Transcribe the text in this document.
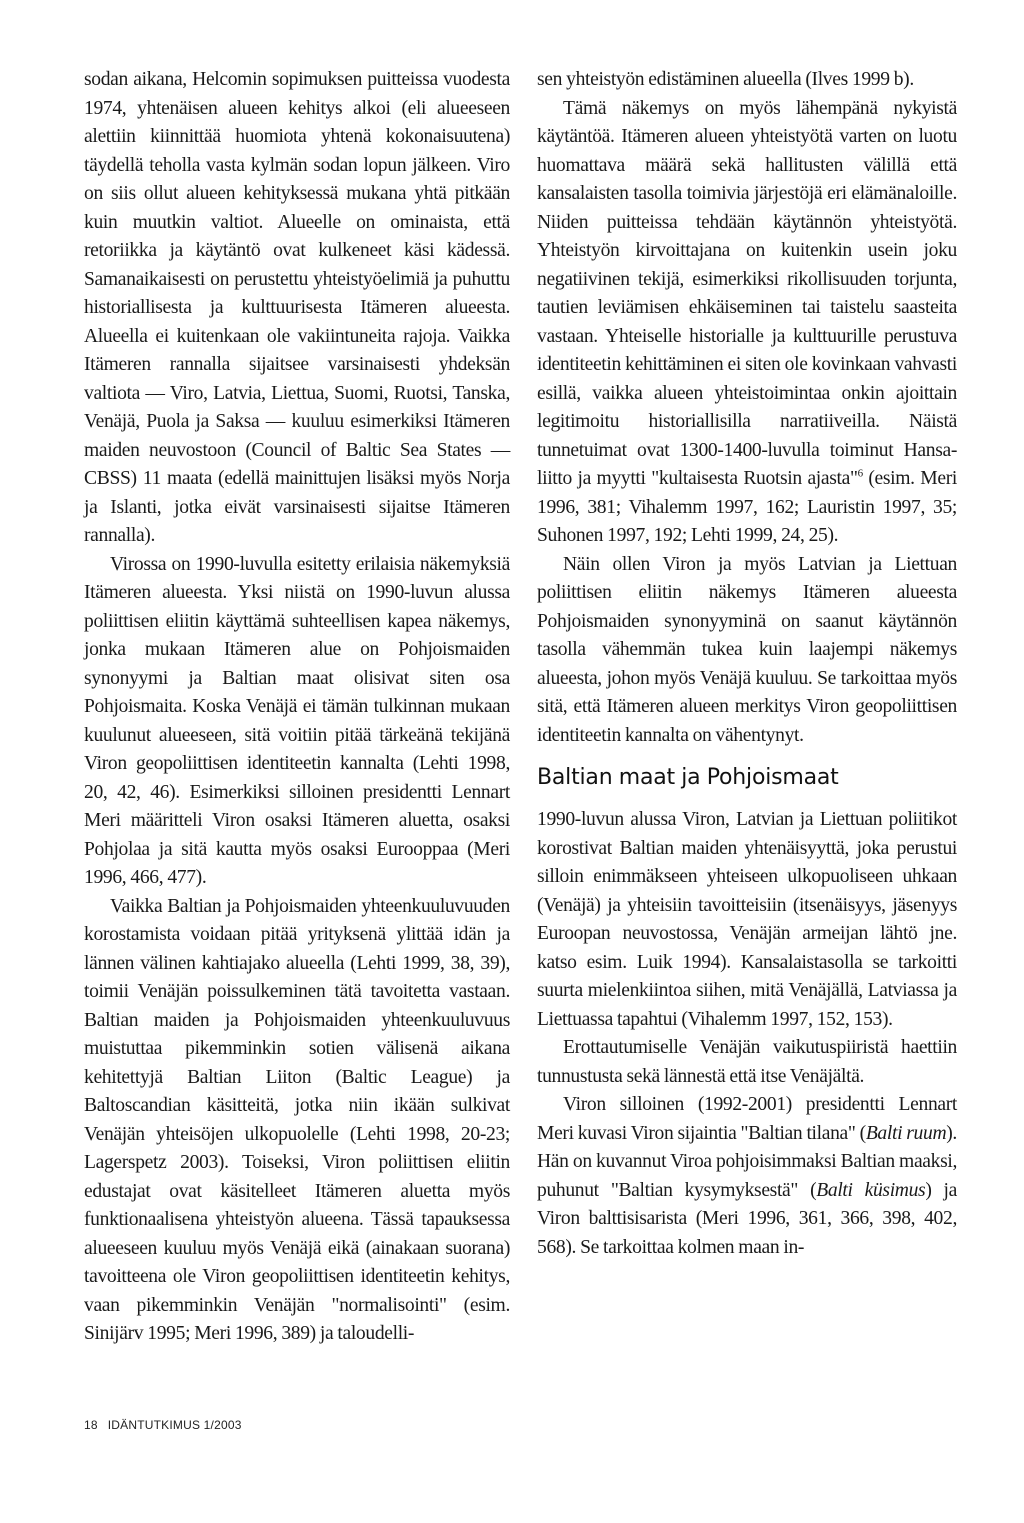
sodan aikana, Helcomin sopimuksen puitteissa vuodesta 1974, yhtenäisen alueen kehitys alkoi (eli alueeseen alettiin kiinnittää huomiota yhtenä kokonaisuutena) täydellä teholla vasta kylmän sodan lopun jälkeen. Viro on siis ollut alueen kehityksessä mukana yhtä pitkään kuin muutkin valtiot. Alueelle on ominaista, että retoriikka ja käytäntö ovat kulkeneet käsi kädessä. Samanaikaisesti on perustettu yhteistyöelimiä ja puhuttu historiallisesta ja kulttuurisesta Itämeren alueesta. Alueella ei kuitenkaan ole vakiintuneita rajoja. Vaikka Itämeren rannalla sijaitsee varsinaisesti yhdeksän valtiota — Viro, Latvia, Liettua, Suomi, Ruotsi, Tanska, Venäjä, Puola ja Saksa — kuuluu esimerkiksi Itämeren maiden neuvostoon (Council of Baltic Sea States — CBSS) 11 maata (edellä mainittujen lisäksi myös Norja ja Islanti, jotka eivät varsinaisesti sijaitse Itämeren rannalla).

Virossa on 1990-luvulla esitetty erilaisia näkemyksiä Itämeren alueesta. Yksi niistä on 1990-luvun alussa poliittisen eliitin käyttämä suhteellisen kapea näkemys, jonka mukaan Itämeren alue on Pohjoismaiden synonyymi ja Baltian maat olisivat siten osa Pohjoismaita. Koska Venäjä ei tämän tulkinnan mukaan kuulunut alueeseen, sitä voitiin pitää tärkeänä tekijänä Viron geopoliittisen identiteetin kannalta (Lehti 1998, 20, 42, 46). Esimerkiksi silloinen presidentti Lennart Meri määritteli Viron osaksi Itämeren aluetta, osaksi Pohjolaa ja sitä kautta myös osaksi Eurooppaa (Meri 1996, 466, 477).

Vaikka Baltian ja Pohjoismaiden yhteenkuuluvuuden korostamista voidaan pitää yrityksenä ylittää idän ja lännen välinen kahtiajako alueella (Lehti 1999, 38, 39), toimii Venäjän poissulkeminen tätä tavoitetta vastaan. Baltian maiden ja Pohjoismaiden yhteenkuuluvuus muistuttaa pikemminkin sotien välisenä aikana kehitettyjä Baltian Liiton (Baltic League) ja Baltoscandian käsitteitä, jotka niin ikään sulkivat Venäjän yhteisöjen ulkopuolelle (Lehti 1998, 20-23; Lagerspetz 2003). Toiseksi, Viron poliittisen eliitin edustajat ovat käsitelleet Itämeren aluetta myös funktionaalisena yhteistyön alueena. Tässä tapauksessa alueeseen kuuluu myös Venäjä eikä (ainakaan suorana) tavoitteena ole Viron geopoliittisen identiteetin kehitys, vaan pikemminkin Venäjän "normalisointi" (esim. Sinijärv 1995; Meri 1996, 389) ja taloudelli-

sen yhteistyön edistäminen alueella (Ilves 1999 b).

Tämä näkemys on myös lähempänä nykyistä käytäntöä. Itämeren alueen yhteistyötä varten on luotu huomattava määrä sekä hallitusten välillä että kansalaisten tasolla toimivia järjestöjä eri elämänaloille. Niiden puitteissa tehdään käytännön yhteistyötä. Yhteistyön kirvoittajana on kuitenkin usein joku negatiivinen tekijä, esimerkiksi rikollisuuden torjunta, tautien leviämisen ehkäiseminen tai taistelu saasteita vastaan. Yhteiselle historialle ja kulttuurille perustuva identiteetin kehittäminen ei siten ole kovinkaan vahvasti esillä, vaikka alueen yhteistoimintaa onkin ajoittain legitimoitu historiallisilla narratiiveilla. Näistä tunnetuimat ovat 1300-1400-luvulla toiminut Hansa-liitto ja myytti "kultaisesta Ruotsin ajasta"$^6$ (esim. Meri 1996, 381; Vihalemm 1997, 162; Lauristin 1997, 35; Suhonen 1997, 192; Lehti 1999, 24, 25).

Näin ollen Viron ja myös Latvian ja Liettuan poliittisen eliitin näkemys Itämeren alueesta Pohjoismaiden synonyyminä on saanut käytännön tasolla vähemmän tukea kuin laajempi näkemys alueesta, johon myös Venäjä kuuluu. Se tarkoittaa myös sitä, että Itämeren alueen merkitys Viron geopoliittisen identiteetin kannalta on vähentynyt.

Baltian maat ja Pohjoismaat

1990-luvun alussa Viron, Latvian ja Liettuan poliitikot korostivat Baltian maiden yhtenäisyyttä, joka perustui silloin enimmäkseen yhteiseen ulkopuoliseen uhkaan (Venäjä) ja yhteisiin tavoitteisiin (itsenäisyys, jäsenyys Euroopan neuvostossa, Venäjän armeijan lähtö jne. katso esim. Luik 1994). Kansalaistasolla se tarkoitti suurta mielenkiintoa siihen, mitä Venäjällä, Latviassa ja Liettuassa tapahtui (Vihalemm 1997, 152, 153).

Erottautumiselle Venäjän vaikutuspiiristä haettiin tunnustusta sekä lännestä että itse Venäjältä.

Viron silloinen (1992-2001) presidentti Lennart Meri kuvasi Viron sijaintia "Baltian tilana" (Balti ruum). Hän on kuvannut Viroa pohjoisimmaksi Baltian maaksi, puhunut "Baltian kysymyksestä" (Balti küsimus) ja Viron balttisisarista (Meri 1996, 361, 366, 398, 402, 568). Se tarkoittaa kolmen maan in-

18 IDÄNTUTKIMUS 1/2003
